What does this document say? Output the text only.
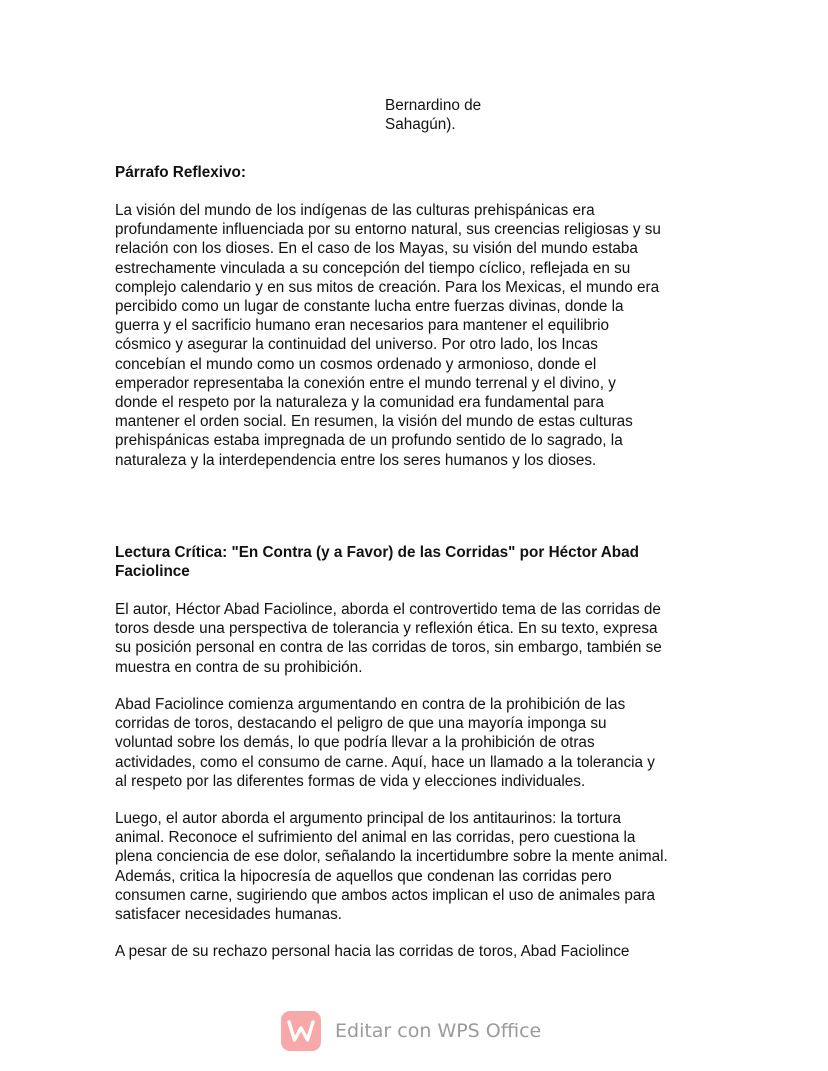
Bernardino de
Sahagún).
Párrafo Reflexivo:
La visión del mundo de los indígenas de las culturas prehispánicas era
profundamente influenciada por su entorno natural, sus creencias religiosas y su
relación con los dioses. En el caso de los Mayas, su visión del mundo estaba
estrechamente vinculada a su concepción del tiempo cíclico, reflejada en su
complejo calendario y en sus mitos de creación. Para los Mexicas, el mundo era
percibido como un lugar de constante lucha entre fuerzas divinas, donde la
guerra y el sacrificio humano eran necesarios para mantener el equilibrio
cósmico y asegurar la continuidad del universo. Por otro lado, los Incas
concebían el mundo como un cosmos ordenado y armonioso, donde el
emperador representaba la conexión entre el mundo terrenal y el divino, y
donde el respeto por la naturaleza y la comunidad era fundamental para
mantener el orden social. En resumen, la visión del mundo de estas culturas
prehispánicas estaba impregnada de un profundo sentido de lo sagrado, la
naturaleza y la interdependencia entre los seres humanos y los dioses.
Lectura Crítica: "En Contra (y a Favor) de las Corridas" por Héctor Abad
Faciolince
El autor, Héctor Abad Faciolince, aborda el controvertido tema de las corridas de
toros desde una perspectiva de tolerancia y reflexión ética. En su texto, expresa
su posición personal en contra de las corridas de toros, sin embargo, también se
muestra en contra de su prohibición.
Abad Faciolince comienza argumentando en contra de la prohibición de las
corridas de toros, destacando el peligro de que una mayoría imponga su
voluntad sobre los demás, lo que podría llevar a la prohibición de otras
actividades, como el consumo de carne. Aquí, hace un llamado a la tolerancia y
al respeto por las diferentes formas de vida y elecciones individuales.
Luego, el autor aborda el argumento principal de los antitaurinos: la tortura
animal. Reconoce el sufrimiento del animal en las corridas, pero cuestiona la
plena conciencia de ese dolor, señalando la incertidumbre sobre la mente animal.
Además, critica la hipocresía de aquellos que condenan las corridas pero
consumen carne, sugiriendo que ambos actos implican el uso de animales para
satisfacer necesidades humanas.
A pesar de su rechazo personal hacia las corridas de toros, Abad Faciolince
Editar con WPS Office
